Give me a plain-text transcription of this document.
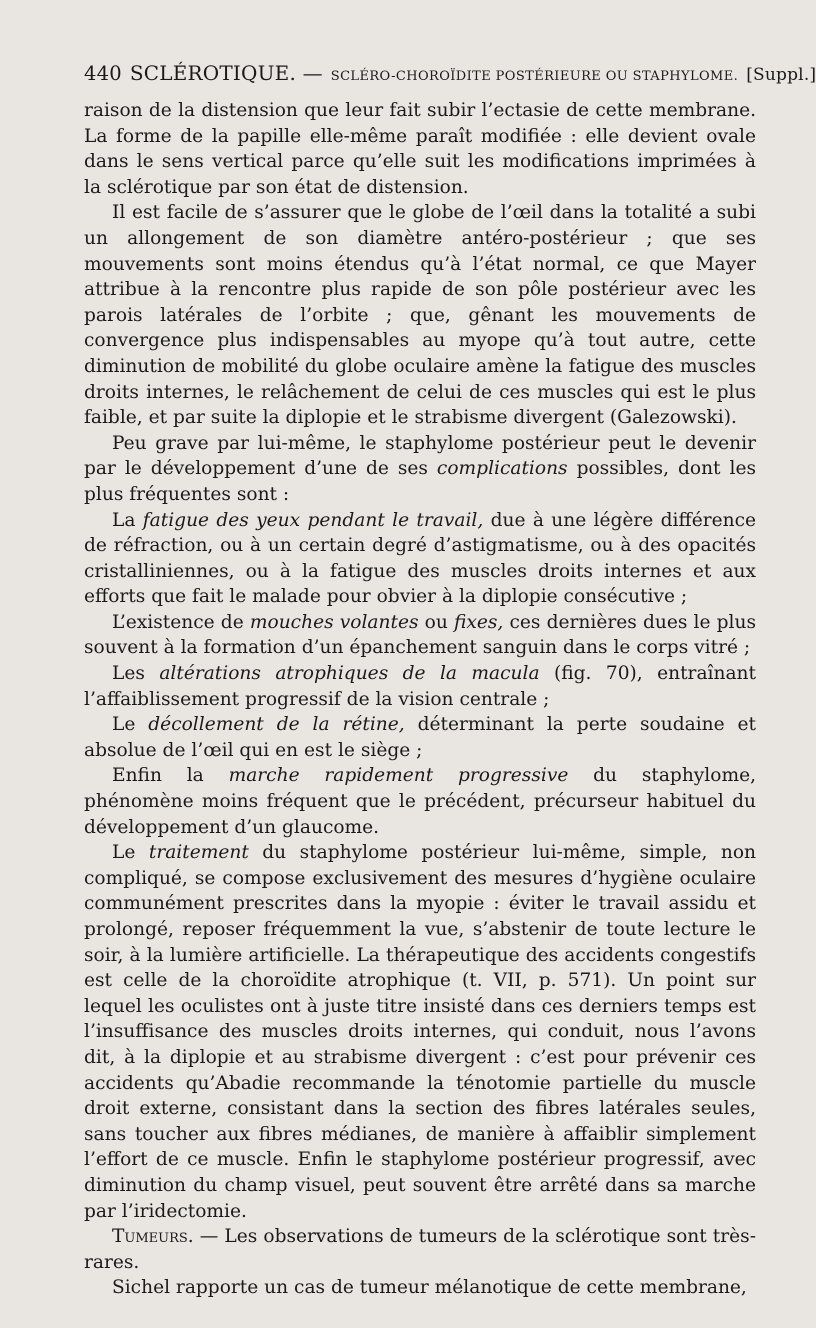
440 SCLÉROTIQUE. — SCLÉRO-CHOROÏDITE POSTÉRIEURE OU STAPHYLOME. [Suppl.]

raison de la distension que leur fait subir l’ectasie de cette membrane. La forme de la papille elle-même paraît modifiée : elle devient ovale dans le sens vertical parce qu’elle suit les modifications imprimées à la sclérotique par son état de distension.

Il est facile de s’assurer que le globe de l’œil dans la totalité a subi un allongement de son diamètre antéro-postérieur ; que ses mouvements sont moins étendus qu’à l’état normal, ce que Mayer attribue à la rencontre plus rapide de son pôle postérieur avec les parois latérales de l’orbite ; que, gênant les mouvements de convergence plus indispensables au myope qu’à tout autre, cette diminution de mobilité du globe oculaire amène la fatigue des muscles droits internes, le relâchement de celui de ces muscles qui est le plus faible, et par suite la diplopie et le strabisme divergent (Galezowski).

Peu grave par lui-même, le staphylome postérieur peut le devenir par le développement d’une de ses complications possibles, dont les plus fréquentes sont :

La fatigue des yeux pendant le travail, due à une légère différence de réfraction, ou à un certain degré d’astigmatisme, ou à des opacités cristalliniennes, ou à la fatigue des muscles droits internes et aux efforts que fait le malade pour obvier à la diplopie consécutive ;

L’existence de mouches volantes ou fixes, ces dernières dues le plus souvent à la formation d’un épanchement sanguin dans le corps vitré ;

Les altérations atrophiques de la macula (fig. 70), entraînant l’affaiblissement progressif de la vision centrale ;

Le décollement de la rétine, déterminant la perte soudaine et absolue de l’œil qui en est le siège ;

Enfin la marche rapidement progressive du staphylome, phénomène moins fréquent que le précédent, précurseur habituel du développement d’un glaucome.

Le traitement du staphylome postérieur lui-même, simple, non compliqué, se compose exclusivement des mesures d’hygiène oculaire communément prescrites dans la myopie : éviter le travail assidu et prolongé, reposer fréquemment la vue, s’abstenir de toute lecture le soir, à la lumière artificielle. La thérapeutique des accidents congestifs est celle de la choroïdite atrophique (t. VII, p. 571). Un point sur lequel les oculistes ont à juste titre insisté dans ces derniers temps est l’insuffisance des muscles droits internes, qui conduit, nous l’avons dit, à la diplopie et au strabisme divergent : c’est pour prévenir ces accidents qu’Abadie recommande la ténotomie partielle du muscle droit externe, consistant dans la section des fibres latérales seules, sans toucher aux fibres médianes, de manière à affaiblir simplement l’effort de ce muscle. Enfin le staphylome postérieur progressif, avec diminution du champ visuel, peut souvent être arrêté dans sa marche par l’iridectomie.

Tumeurs. — Les observations de tumeurs de la sclérotique sont très-rares.

Sichel rapporte un cas de tumeur mélanotique de cette membrane,
